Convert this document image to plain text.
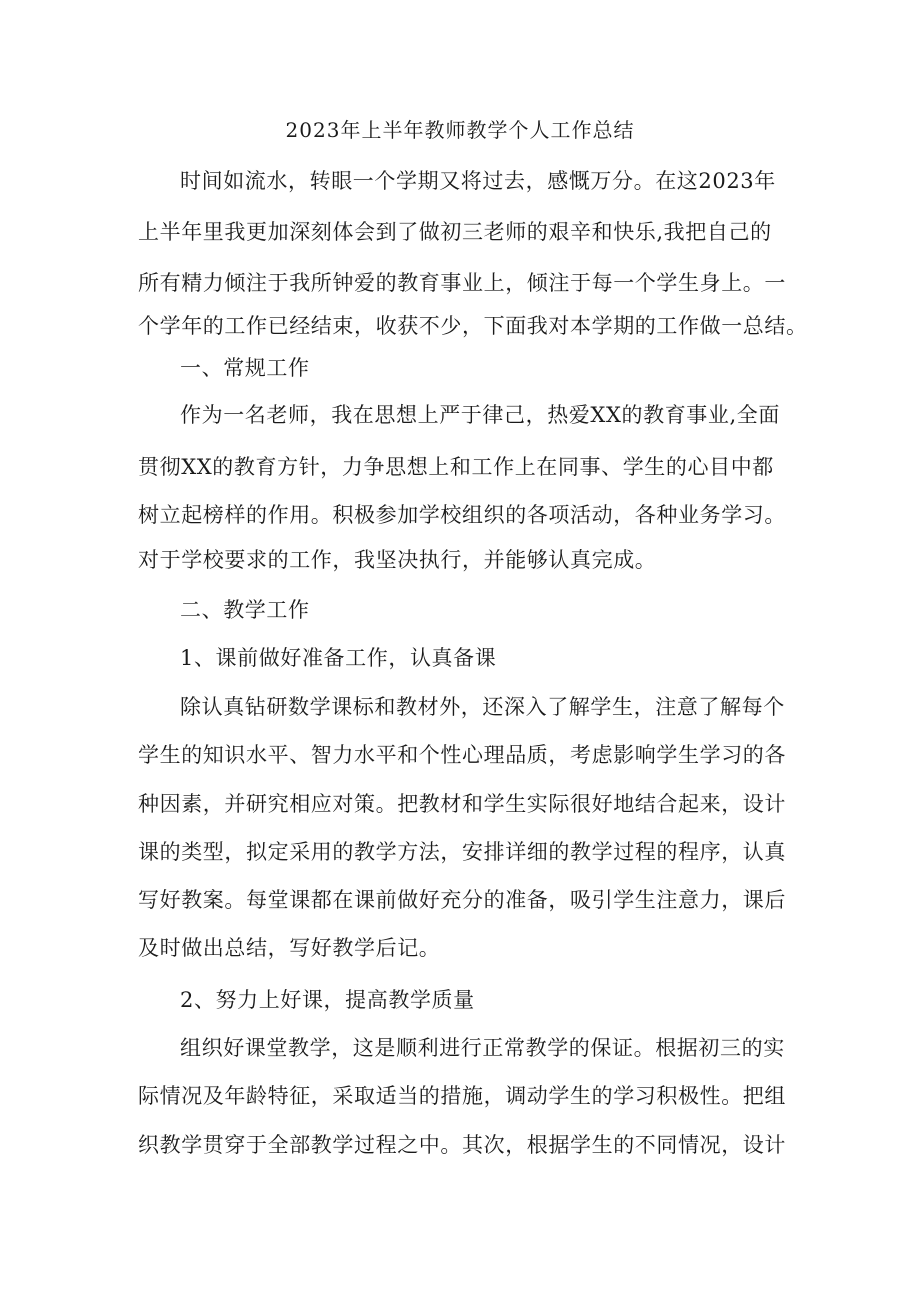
2023年上半年教师教学个人工作总结
时间如流水，转眼一个学期又将过去，感慨万分。在这2023年
上半年里我更加深刻体会到了做初三老师的艰辛和快乐,我把自己的
所有精力倾注于我所钟爱的教育事业上，倾注于每一个学生身上。一
个学年的工作已经结束，收获不少，下面我对本学期的工作做一总结。
一、常规工作
作为一名老师，我在思想上严于律己，热爱XX的教育事业,全面
贯彻XX的教育方针，力争思想上和工作上在同事、学生的心目中都
树立起榜样的作用。积极参加学校组织的各项活动，各种业务学习。
对于学校要求的工作，我坚决执行，并能够认真完成。
二、教学工作
1、课前做好准备工作，认真备课
除认真钻研数学课标和教材外，还深入了解学生，注意了解每个
学生的知识水平、智力水平和个性心理品质，考虑影响学生学习的各
种因素，并研究相应对策。把教材和学生实际很好地结合起来，设计
课的类型，拟定采用的教学方法，安排详细的教学过程的程序，认真
写好教案。每堂课都在课前做好充分的准备，吸引学生注意力，课后
及时做出总结，写好教学后记。
2、努力上好课，提高教学质量
组织好课堂教学，这是顺利进行正常教学的保证。根据初三的实
际情况及年龄特征，采取适当的措施，调动学生的学习积极性。把组
织教学贯穿于全部教学过程之中。其次，根据学生的不同情况，设计
